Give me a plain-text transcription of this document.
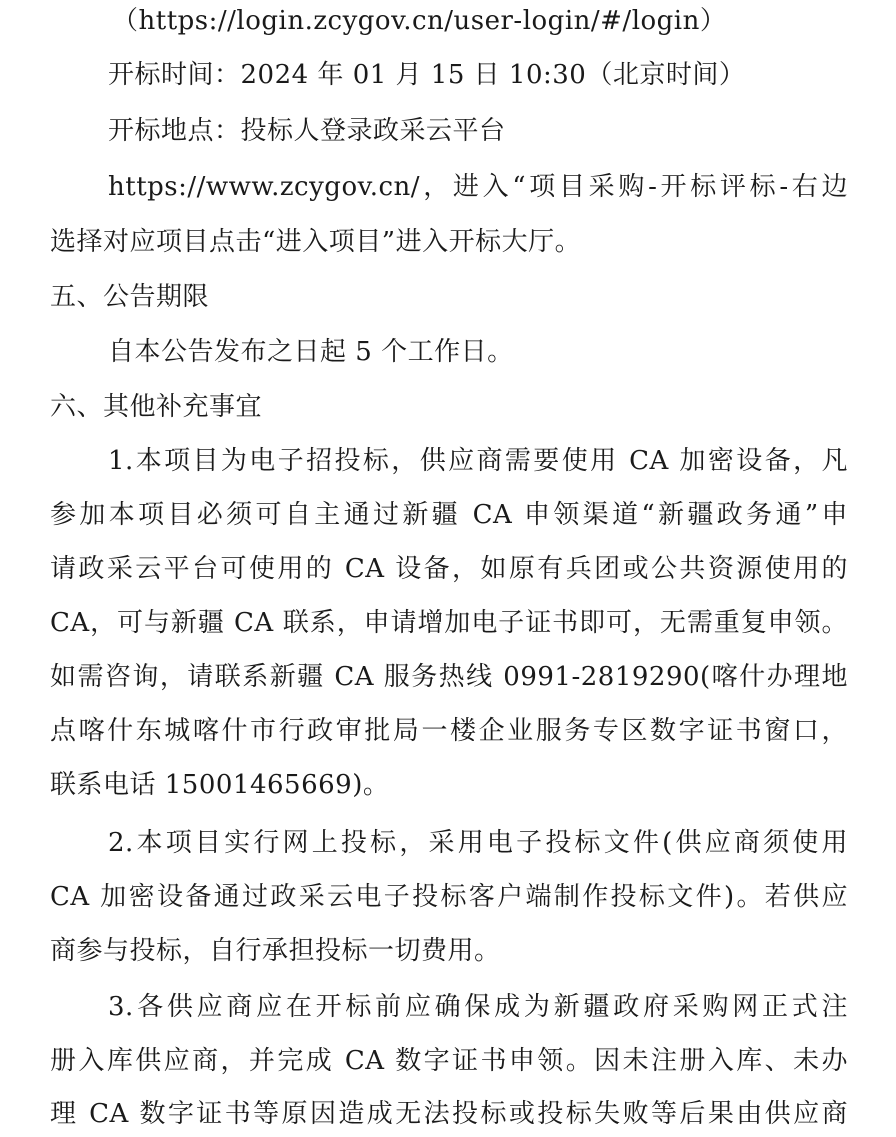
（https://login.zcygov.cn/user-login/#/login）
开标时间：2024 年 01 月 15 日 10:30（北京时间）
开标地点：投标人登录政采云平台
https://www.zcygov.cn/，进入“项目采购-开标评标-右边
选择对应项目点击“进入项目”进入开标大厅。
五、公告期限
自本公告发布之日起 5 个工作日。
六、其他补充事宜
1.本项目为电子招投标，供应商需要使用 CA 加密设备，凡
参加本项目必须可自主通过新疆 CA 申领渠道“新疆政务通”申
请政采云平台可使用的 CA 设备，如原有兵团或公共资源使用的
CA，可与新疆 CA 联系，申请增加电子证书即可，无需重复申领。
如需咨询，请联系新疆 CA 服务热线 0991-2819290(喀什办理地
点喀什东城喀什市行政审批局一楼企业服务专区数字证书窗口，
联系电话 15001465669)。
2.本项目实行网上投标，采用电子投标文件(供应商须使用
CA 加密设备通过政采云电子投标客户端制作投标文件)。若供应
商参与投标，自行承担投标一切费用。
3.各供应商应在开标前应确保成为新疆政府采购网正式注
册入库供应商，并完成 CA 数字证书申领。因未注册入库、未办
理 CA 数字证书等原因造成无法投标或投标失败等后果由供应商
